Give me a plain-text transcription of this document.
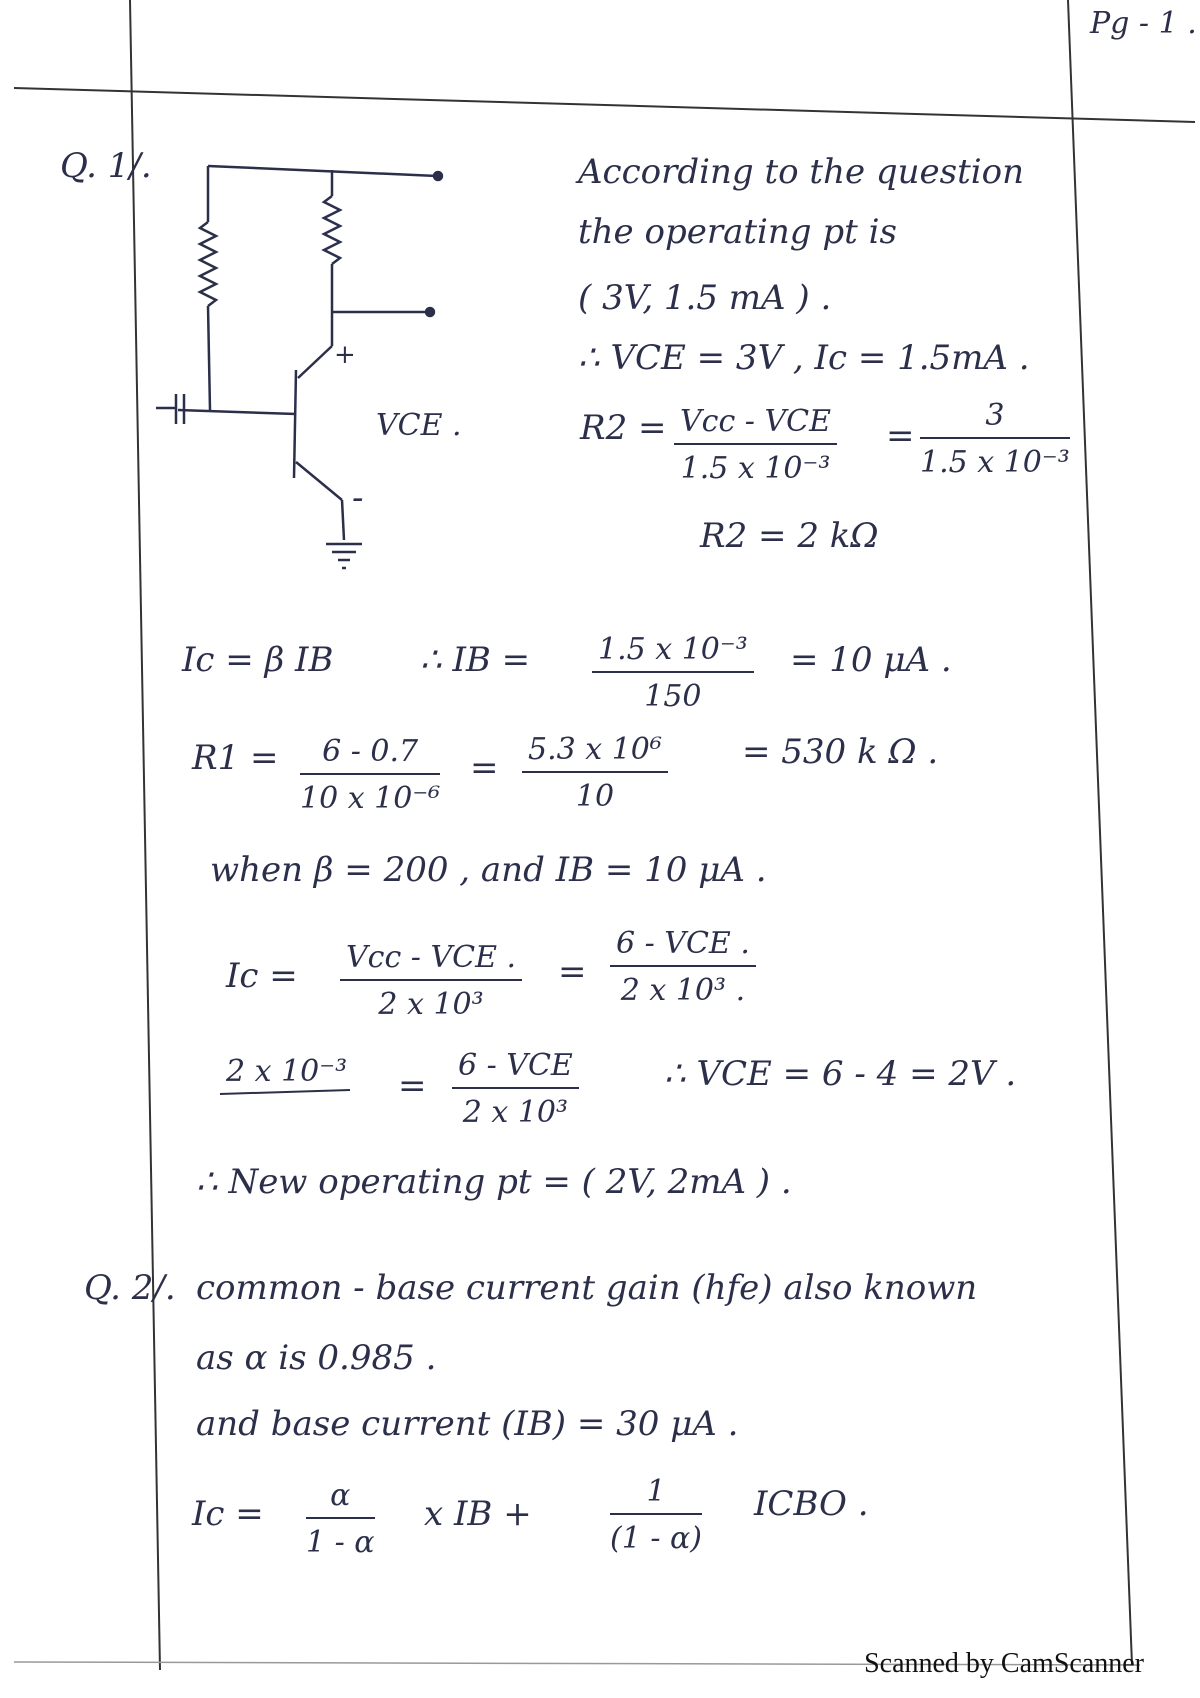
Pg - 1 .
Q. 1/.
+
VCE .
-
According to the question
the operating pt is
( 3V, 1.5 mA ) .
∴ VCE = 3V , Ic = 1.5mA .
R2 = Vcc - VCE
1.5 x 10⁻³
= $\frac{3}{\text{1.5 x 10⁻³}}$
R2 = 2 kΩ
Ic = β IB	∴ IB = $\frac{\text{1.5 x 10⁻³}}{150} = 10$ μA .
$R1 = \frac{6 - 0.7}{\text{10 x 10⁻⁶}} = \frac{\text{5.3 x 10⁶}}{10} = 530$ k Ω .
when β = 200 , and IB = 10 μA .
Ic = Vcc - VCE .
2 x 10³
=
6 - VCE .
2 x 10³ .
2 x 10⁻³ =
6 - VCE
2 x 10³
∴ VCE = 6 - 4 = 2V .
∴ New operating pt = ( 2V, 2mA ) .
Q. 2/. common - base current gain (hfe) also known
as α is 0.985 .
and base current (IB) = 30 μA .
$Ic = \frac{\alpha}{1 - \alpha}$ x IB +	$\frac{1}{(1 - \alpha)}$ ICBO .
Scanned by CamScanner
